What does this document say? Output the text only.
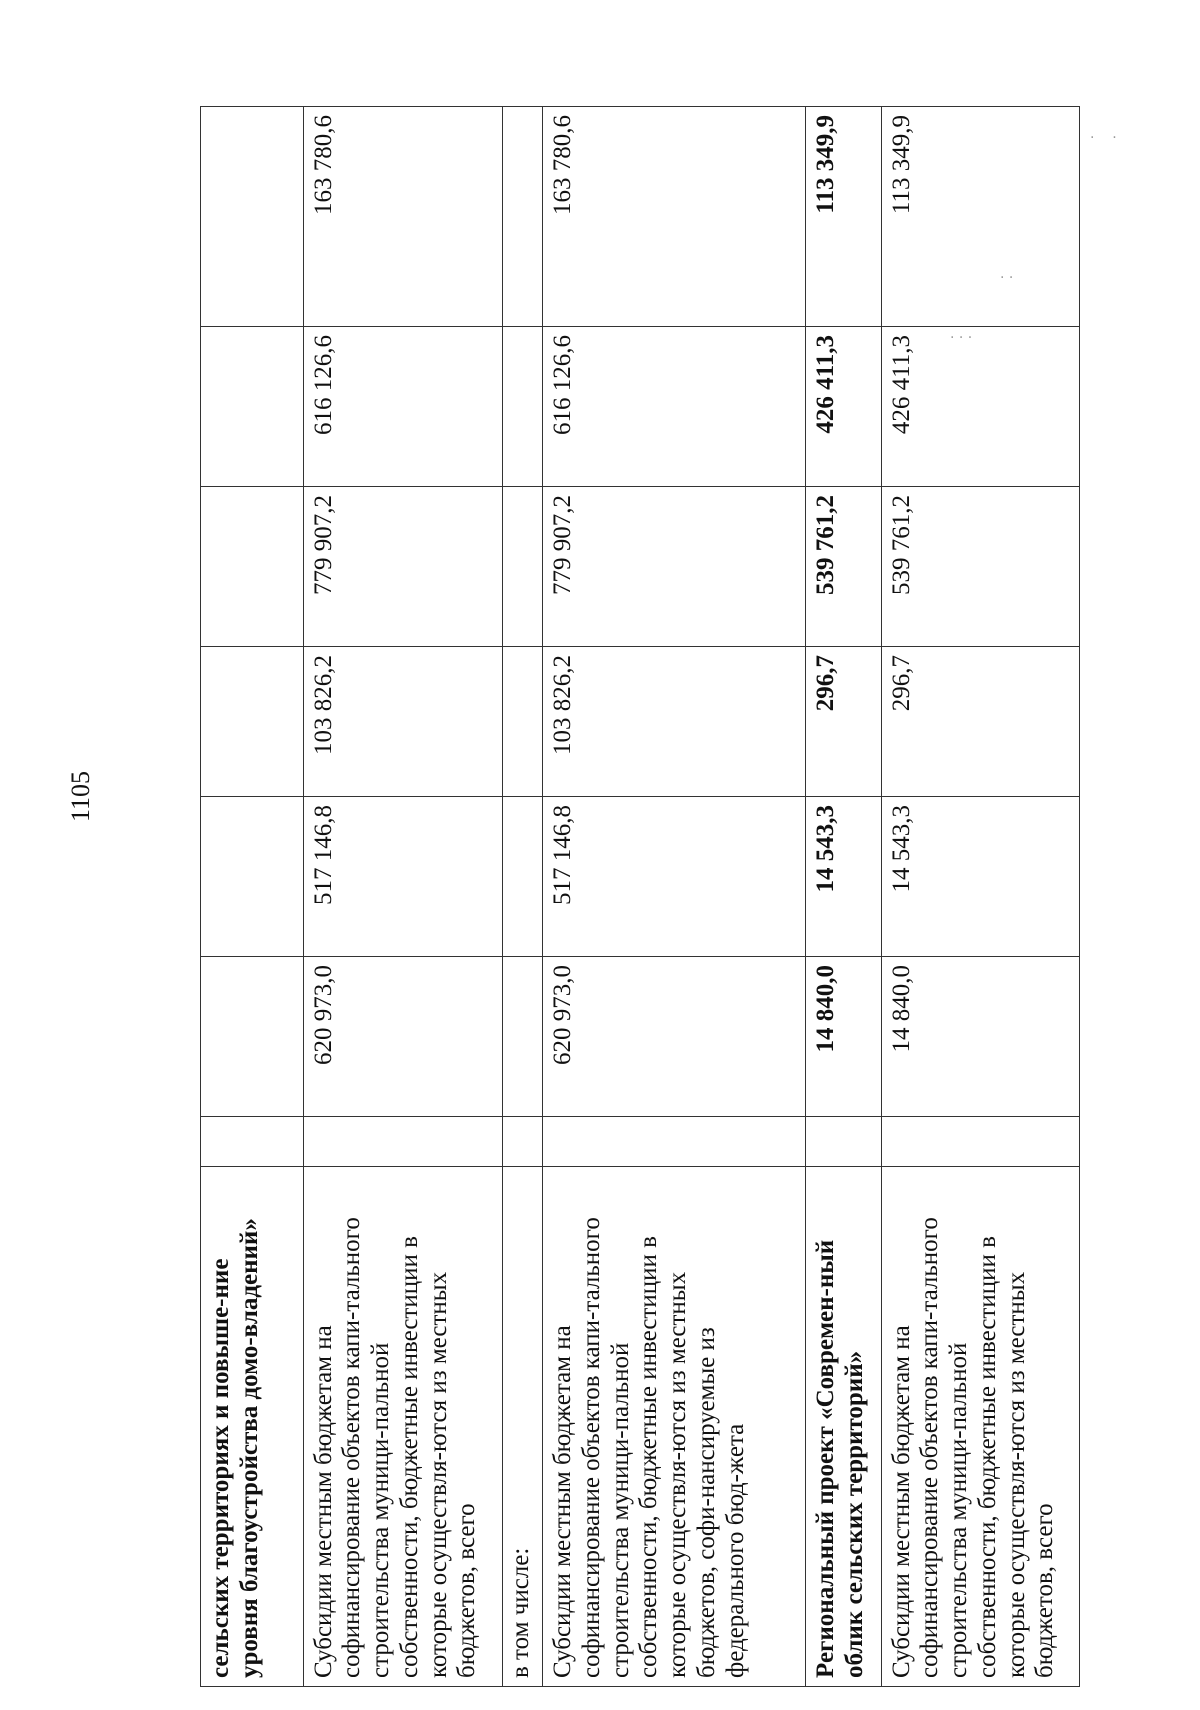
1105
·    ·
· ·
· · ·
сельских территориях и повыше-ние уровня благоустройства домо-владений»							
Субсидии местным бюджетам на софинансирование объектов капи-тального строительства муници-пальной собственности, бюджетные инвестиции в которые осуществля-ются из местных бюджетов, всего		620 973,0	517 146,8	103 826,2	779 907,2	616 126,6	163 780,6
в том числе:							
Субсидии местным бюджетам на софинансирование объектов капи-тального строительства муници-пальной собственности, бюджетные инвестиции в которые осуществля-ются из местных бюджетов, софи-нансируемые из федерального бюд-жета		620 973,0	517 146,8	103 826,2	779 907,2	616 126,6	163 780,6
Региональный проект «Современ-ный облик сельских территорий»		14 840,0	14 543,3	296,7	539 761,2	426 411,3	113 349,9
Субсидии местным бюджетам на софинансирование объектов капи-тального строительства муници-пальной собственности, бюджетные инвестиции в которые осуществля-ются из местных бюджетов, всего		14 840,0	14 543,3	296,7	539 761,2	426 411,3	113 349,9
